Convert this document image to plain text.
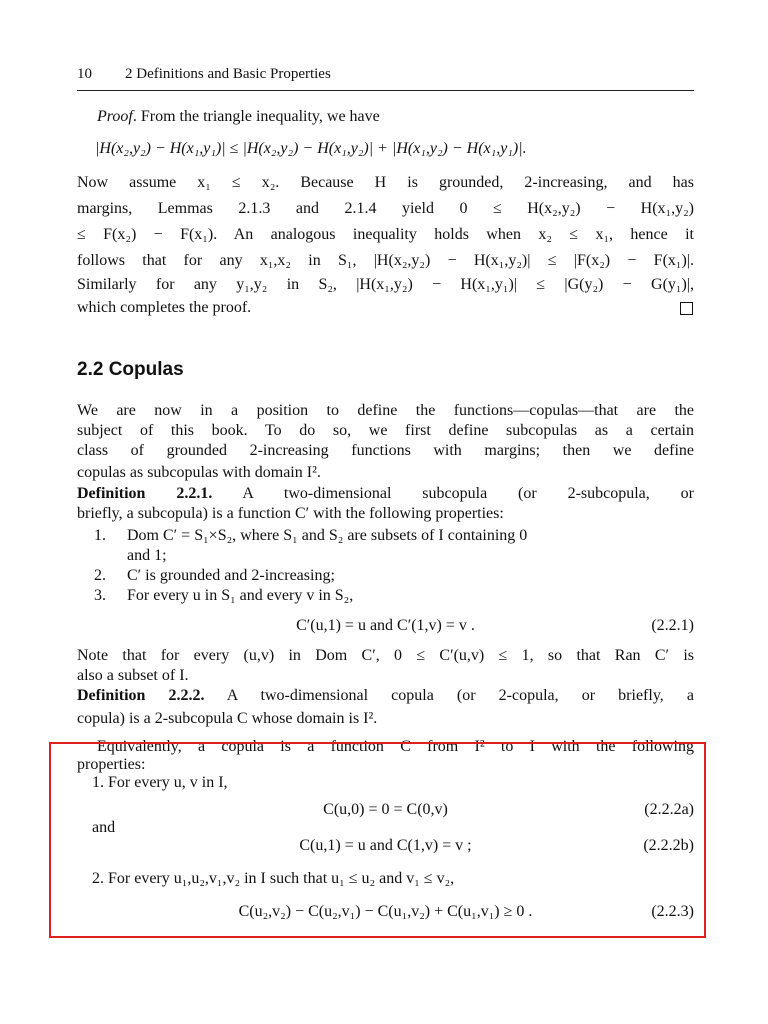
10 2 Definitions and Basic Properties
Proof. From the triangle inequality, we have
|H(x₂,y₂) − H(x₁,y₁)| ≤ |H(x₂,y₂) − H(x₁,y₂)| + |H(x₁,y₂) − H(x₁,y₁)|.
Now assume x₁ ≤ x₂. Because H is grounded, 2-increasing, and has
margins, Lemmas 2.1.3 and 2.1.4 yield 0 ≤ H(x₂,y₂) − H(x₁,y₂)
≤ F(x₂) − F(x₁). An analogous inequality holds when x₂ ≤ x₁, hence it
follows that for any x₁,x₂ in S₁, |H(x₂,y₂) − H(x₁,y₂)| ≤ |F(x₂) − F(x₁)|.
Similarly for any y₁,y₂ in S₂, |H(x₁,y₂) − H(x₁,y₁)| ≤ |G(y₂) − G(y₁)|,
which completes the proof.
2.2 Copulas
We are now in a position to define the functions—copulas—that are the
subject of this book. To do so, we first define subcopulas as a certain
class of grounded 2-increasing functions with margins; then we define
copulas as subcopulas with domain I².
Definition 2.2.1. A two-dimensional subcopula (or 2-subcopula, or
briefly, a subcopula) is a function C′ with the following properties:
1. Dom C′ = S₁×S₂, where S₁ and S₂ are subsets of I containing 0
and 1;
2. C′ is grounded and 2-increasing;
3. For every u in S₁ and every v in S₂,
C′(u,1) = u and C′(1,v) = v .	(2.2.1)
Note that for every (u,v) in Dom C′, 0 ≤ C′(u,v) ≤ 1, so that Ran C′ is
also a subset of I.
Definition 2.2.2. A two-dimensional copula (or 2-copula, or briefly, a
copula) is a 2-subcopula C whose domain is I².
Equivalently, a copula is a function C from I² to I with the following
properties:
1. For every u, v in I,
C(u,0) = 0 = C(0,v)	(2.2.2a)
and
C(u,1) = u and C(1,v) = v ;	(2.2.2b)
2. For every u₁,u₂,v₁,v₂ in I such that u₁ ≤ u₂ and v₁ ≤ v₂,
C(u₂,v₂) − C(u₂,v₁) − C(u₁,v₂) + C(u₁,v₁) ≥ 0 .	(2.2.3)
